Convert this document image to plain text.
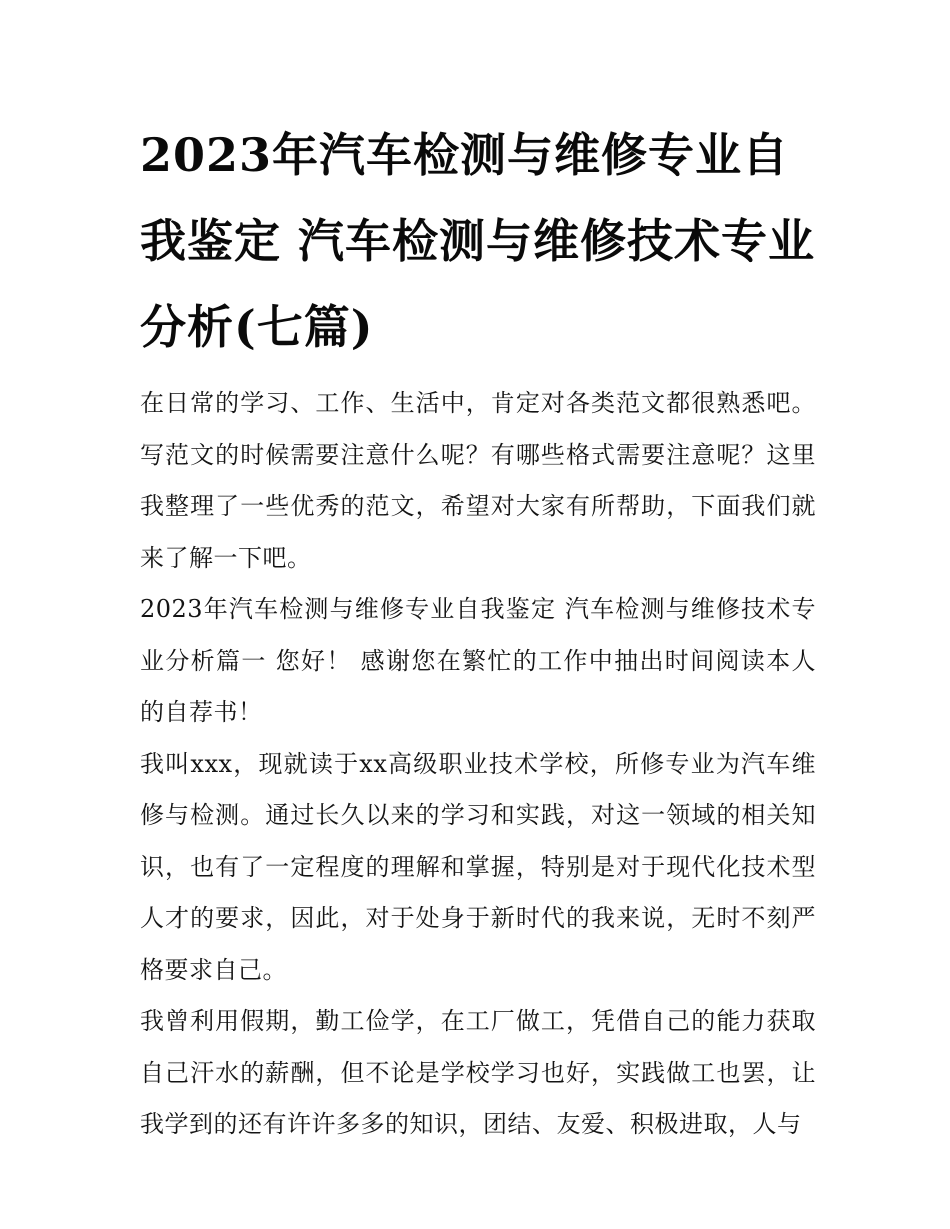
2023年汽车检测与维修专业自我鉴定 汽车检测与维修技术专业分析(七篇)

在日常的学习、工作、生活中，肯定对各类范文都很熟悉吧。写范文的时候需要注意什么呢？有哪些格式需要注意呢？这里我整理了一些优秀的范文，希望对大家有所帮助，下面我们就来了解一下吧。

2023年汽车检测与维修专业自我鉴定 汽车检测与维修技术专业分析篇一 您好！ 感谢您在繁忙的工作中抽出时间阅读本人的自荐书！

我叫xxx，现就读于xx高级职业技术学校，所修专业为汽车维修与检测。通过长久以来的学习和实践，对这一领域的相关知识，也有了一定程度的理解和掌握，特别是对于现代化技术型人才的要求，因此，对于处身于新时代的我来说，无时不刻严格要求自己。

我曾利用假期，勤工俭学，在工厂做工，凭借自己的能力获取自己汗水的薪酬，但不论是学校学习也好，实践做工也罢，让我学到的还有许许多多的知识，团结、友爱、积极进取，人与
